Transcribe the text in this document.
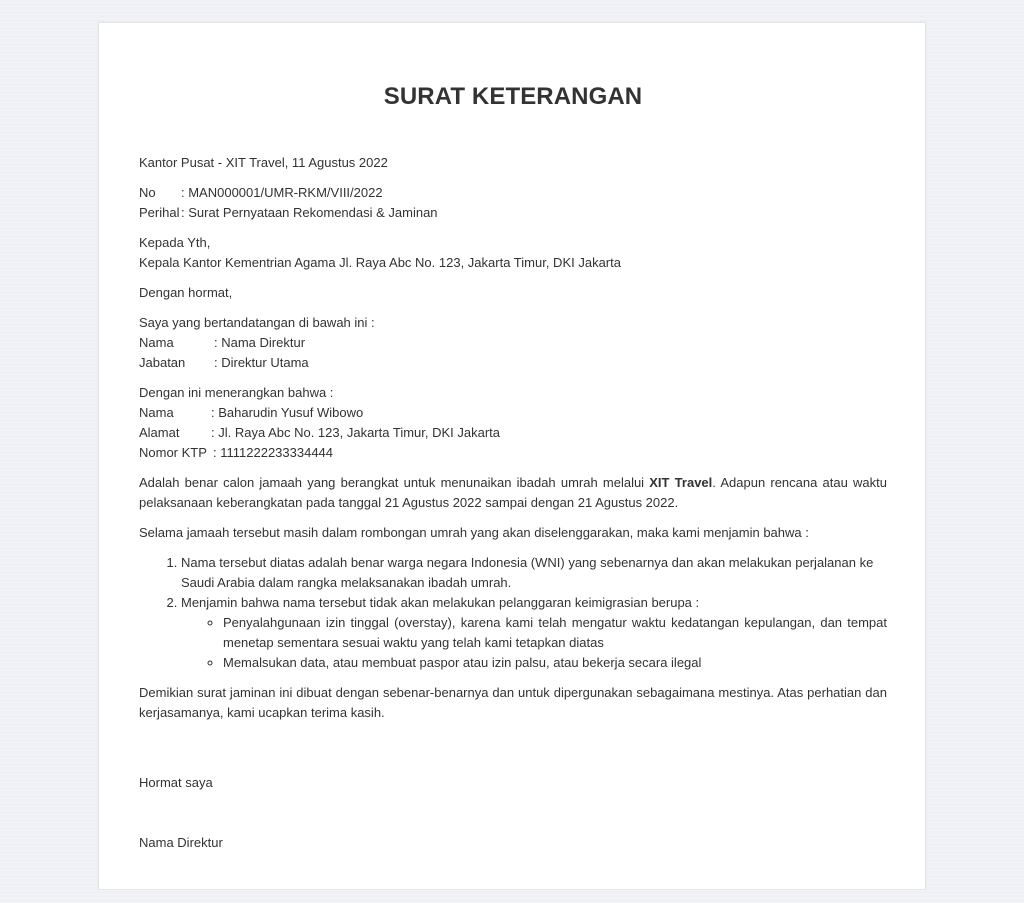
SURAT KETERANGAN

Kantor Pusat - XIT Travel, 11 Agustus 2022

No	: MAN000001/UMR-RKM/VIII/2022
Perihal : Surat Pernyataan Rekomendasi & Jaminan

Kepada Yth,

Kepala Kantor Kementrian Agama Jl. Raya Abc No. 123, Jakarta Timur, DKI Jakarta

Dengan hormat,

Saya yang bertandatangan di bawah ini :

Nama	: Nama Direktur
Jabatan	: Direktur Utama

Dengan ini menerangkan bahwa :

Nama	: Baharudin Yusuf Wibowo
Alamat	: Jl. Raya Abc No. 123, Jakarta Timur, DKI Jakarta
Nomor KTP : 1111222233334444

Adalah benar calon jamaah yang berangkat untuk menunaikan ibadah umrah melalui XIT Travel. Adapun rencana atau waktu pelaksanaan keberangkatan pada tanggal 21 Agustus 2022 sampai dengan 21 Agustus 2022.

Selama jamaah tersebut masih dalam rombongan umrah yang akan diselenggarakan, maka kami menjamin bahwa :

1. Nama tersebut diatas adalah benar warga negara Indonesia (WNI) yang sebenarnya dan akan melakukan perjalanan ke Saudi Arabia dalam rangka melaksanakan ibadah umrah.
2. Menjamin bahwa nama tersebut tidak akan melakukan pelanggaran keimigrasian berupa :
◦ Penyalahgunaan izin tinggal (overstay), karena kami telah mengatur waktu kedatangan kepulangan, dan tempat menetap sementara sesuai waktu yang telah kami tetapkan diatas
◦ Memalsukan data, atau membuat paspor atau izin palsu, atau bekerja secara ilegal

Demikian surat jaminan ini dibuat dengan sebenar-benarnya dan untuk dipergunakan sebagaimana mestinya. Atas perhatian dan kerjasamanya, kami ucapkan terima kasih.

Hormat saya

Nama Direktur
